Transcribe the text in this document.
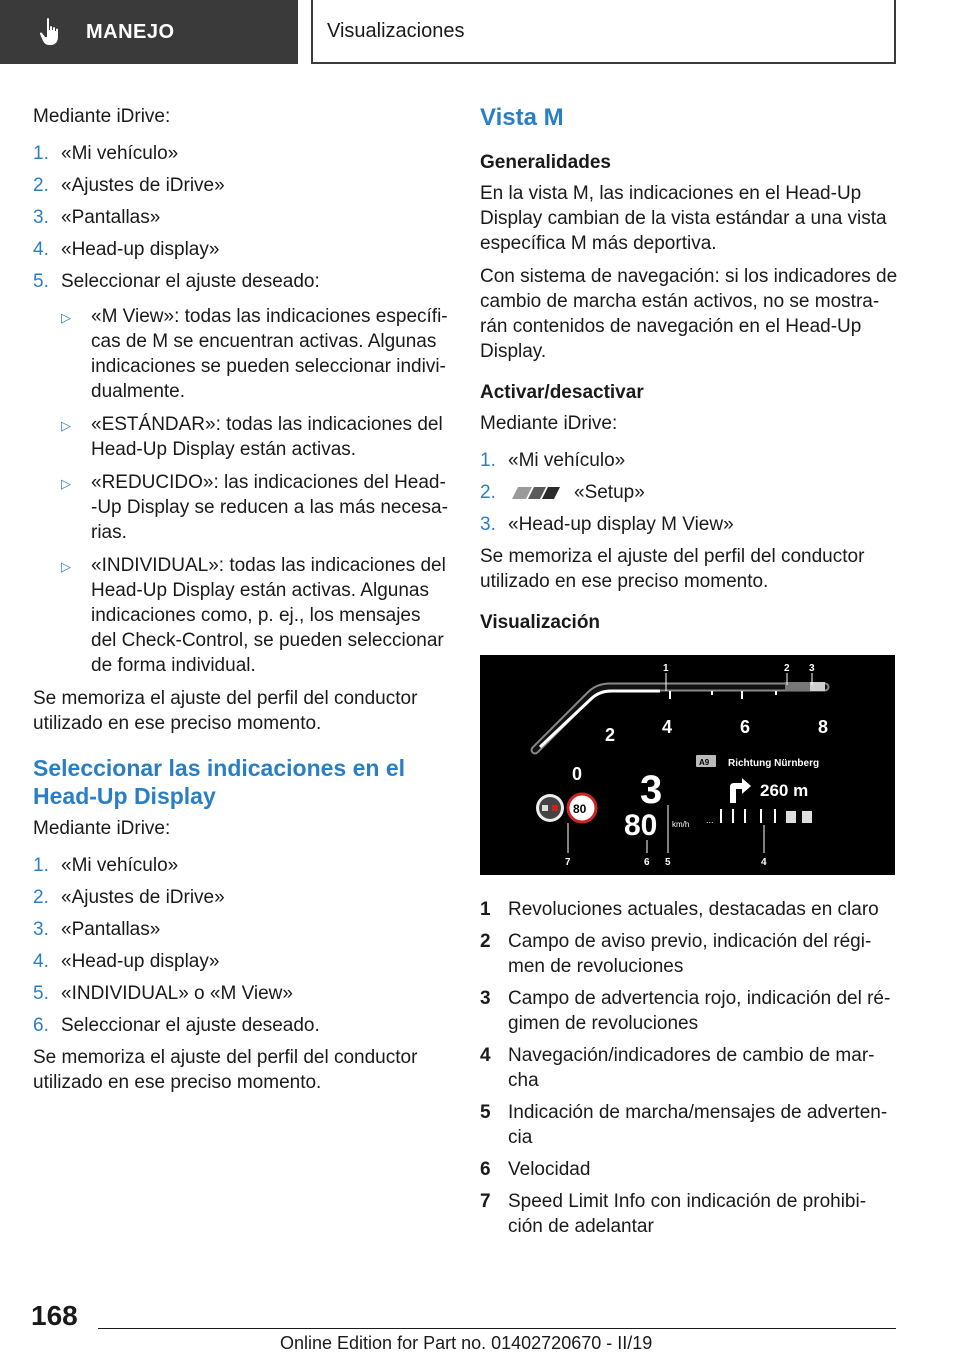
MANEJO	Visualizaciones

Mediante iDrive:

1. «Mi vehículo»
2. «Ajustes de iDrive»
3. «Pantallas»
4. «Head-up display»
5. Seleccionar el ajuste deseado:
▷	«M View»: todas las indicaciones específi-cas de M se encuentran activas. Algunas indicaciones se pueden seleccionar indivi-dualmente.
▷	«ESTÁNDAR»: todas las indicaciones del Head-Up Display están activas.
▷	«REDUCIDO»: las indicaciones del Head--Up Display se reducen a las más necesa-rias.
▷	«INDIVIDUAL»: todas las indicaciones del Head-Up Display están activas. Algunas indicaciones como, p. ej., los mensajes del Check-Control, se pueden seleccionar de forma individual.

Se memoriza el ajuste del perfil del conductor utilizado en ese preciso momento.

Seleccionar las indicaciones en el Head-Up Display

Mediante iDrive:

1. «Mi vehículo»
2. «Ajustes de iDrive»
3. «Pantallas»
4. «Head-up display»
5. «INDIVIDUAL» o «M View»
6. Seleccionar el ajuste deseado.

Se memoriza el ajuste del perfil del conductor utilizado en ese preciso momento.

Vista M
Generalidades

En la vista M, las indicaciones en el Head-Up Display cambian de la vista estándar a una vista específica M más deportiva.

Con sistema de navegación: si los indicadores de cambio de marcha están activos, no se mostra-rán contenidos de navegación en el Head-Up Display.

Activar/desactivar

Mediante iDrive:

1. «Mi vehículo»
2.	«Setup»
3. «Head-up display M View»

Se memoriza el ajuste del perfil del conductor utilizado en ese preciso momento.

Visualización
1	2 3
0
2	4	6	8
3
80 km/h
A9 Richtung Nürnberg
260 m
...
80
7	6 5	4
1 Revoluciones actuales, destacadas en claro
2 Campo de aviso previo, indicación del régi-men de revoluciones
3 Campo de advertencia rojo, indicación del ré-gimen de revoluciones
4 Navegación/indicadores de cambio de mar-cha
5 Indicación de marcha/mensajes de adverten-cia
6 Velocidad
7 Speed Limit Info con indicación de prohibi-ción de adelantar
168
Online Edition for Part no. 01402720670 - II/19
